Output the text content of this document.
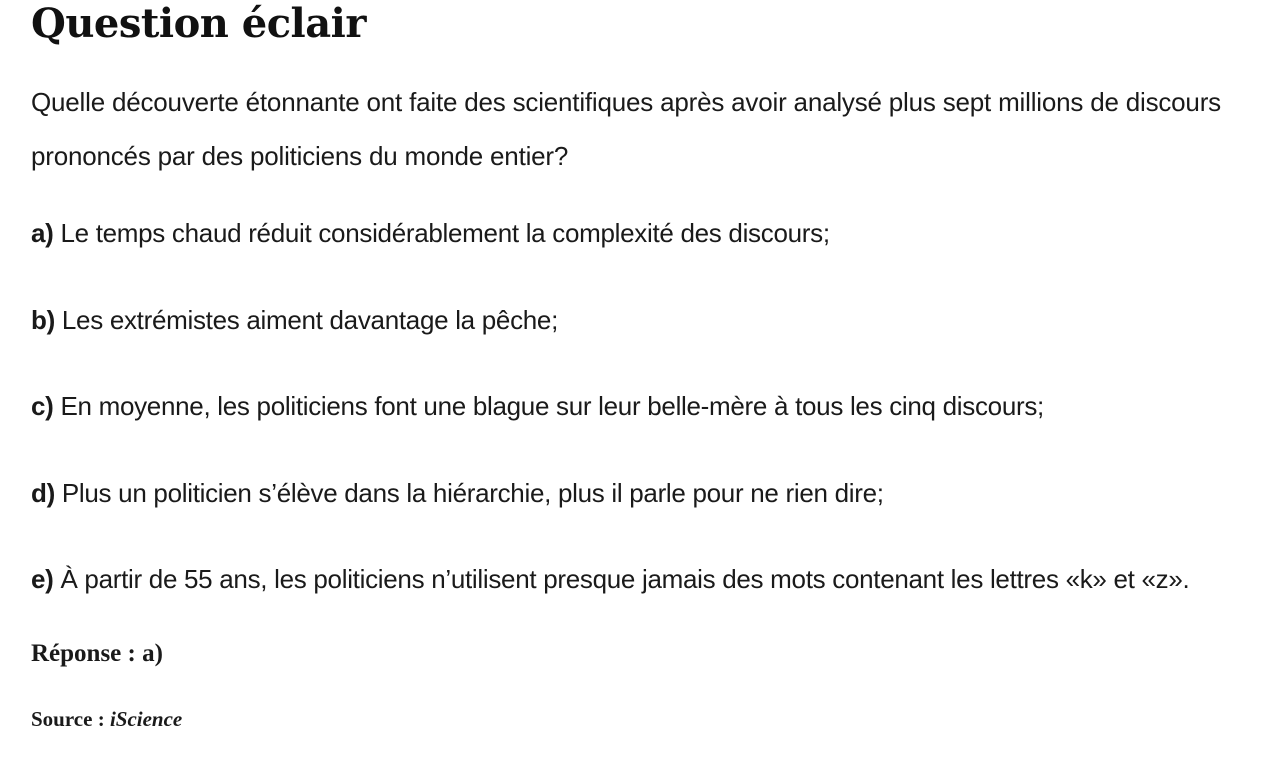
Question éclair

Quelle découverte étonnante ont faite des scientifiques après avoir analysé plus sept millions de discours prononcés par des politiciens du monde entier?

a) Le temps chaud réduit considérablement la complexité des discours;

b) Les extrémistes aiment davantage la pêche;

c) En moyenne, les politiciens font une blague sur leur belle-mère à tous les cinq discours;

d) Plus un politicien s’élève dans la hiérarchie, plus il parle pour ne rien dire;

e) À partir de 55 ans, les politiciens n’utilisent presque jamais des mots contenant les lettres «k» et «z».

Réponse : a)

Source : iScience
